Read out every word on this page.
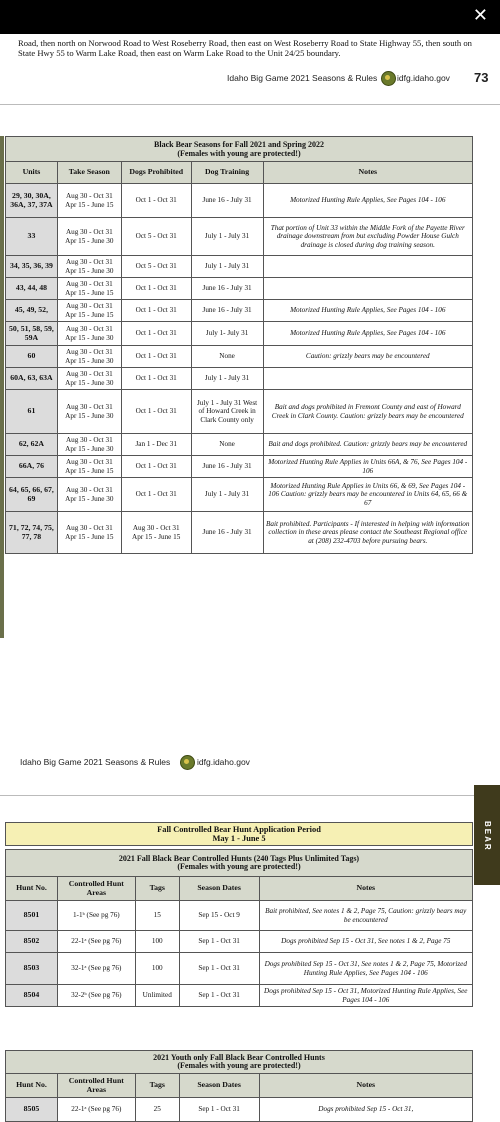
✕
Road, then north on Norwood Road to West Roseberry Road, then east on West Roseberry Road to State Highway 55, then south on State Hwy 55 to Warm Lake Road, then east on Warm Lake Road to the Unit 24/25 boundary.
Idaho Big Game 2021 Seasons & Rules idfg.idaho.gov 73
Black Bear Seasons for Fall 2021 and Spring 2022
(Females with young are protected!)				

Units	Take Season	Dogs Prohibited	Dog Training	Notes
29, 30, 30A, 36A, 37, 37A	Aug 30 - Oct 31
Apr 15 - June 15	Oct 1 - Oct 31	June 16 - July 31	Motorized Hunting Rule Applies, See Pages 104 - 106
33	Aug 30 - Oct 31
Apr 15 - June 30	Oct 5 - Oct 31	July 1 - July 31	That portion of Unit 33 within the Middle Fork of the Payette River drainage downstream from but excluding Powder House Gulch drainage is closed during dog training season.
34, 35, 36, 39	Aug 30 - Oct 31
Apr 15 - June 30	Oct 5 - Oct 31	July 1 - July 31	
43, 44, 48	Aug 30 - Oct 31
Apr 15 - June 15	Oct 1 - Oct 31	June 16 - July 31	
45, 49, 52,	Aug 30 - Oct 31
Apr 15 - June 15	Oct 1 - Oct 31	June 16 - July 31	Motorized Hunting Rule Applies, See Pages 104 - 106
50, 51, 58, 59, 59A	Aug 30 - Oct 31
Apr 15 - June 30	Oct 1 - Oct 31	July 1- July 31	Motorized Hunting Rule Applies, See Pages 104 - 106
60	Aug 30 - Oct 31
Apr 15 - June 30	Oct 1 - Oct 31	None	Caution: grizzly bears may be encountered
60A, 63, 63A	Aug 30 - Oct 31
Apr 15 - June 30	Oct 1 - Oct 31	July 1 - July 31	
61	Aug 30 - Oct 31
Apr 15 - June 30	Oct 1 - Oct 31	July 1 - July 31 West of Howard Creek in Clark County only	Bait and dogs prohibited in Fremont County and east of Howard Creek in Clark County. Caution: grizzly bears may be encountered
62, 62A	Aug 30 - Oct 31
Apr 15 - June 30	Jan 1 - Dec 31	None	Bait and dogs prohibited. Caution: grizzly bears may be encountered
66A, 76	Aug 30 - Oct 31
Apr 15 - June 15	Oct 1 - Oct 31	June 16 - July 31	Motorized Hunting Rule Applies in Units 66A, & 76, See Pages 104 - 106
64, 65, 66, 67, 69	Aug 30 - Oct 31
Apr 15 - June 30	Oct 1 - Oct 31	July 1 - July 31	Motorized Hunting Rule Applies in Units 66, & 69, See Pages 104 - 106 Caution: grizzly bears may be encountered in Units 64, 65, 66 & 67
71, 72, 74, 75, 77, 78	Aug 30 - Oct 31
Apr 15 - June 15	Aug 30 - Oct 31
Apr 15 - June 15	June 16 - July 31	Bait prohibited. Participants - If interested in helping with information collection in these areas please contact the Southeast Regional office at (208) 232-4703 before pursuing bears.
Idaho Big Game 2021 Seasons & Rules	idfg.idaho.gov
BEAR
Fall Controlled Bear Hunt Application Period
May 1 - June 5				

2021 Fall Black Bear Controlled Hunts (240 Tags Plus Unlimited Tags)
(Females with young are protected!)				

Hunt No.	Controlled Hunt Areas	Tags	Season Dates	Notes
8501	1-1ᵇ (See pg 76)	15	Sep 15 - Oct 9	Bait prohibited, See notes 1 & 2, Page 75, Caution: grizzly bears may be encountered
8502	22-1ᵃ (See pg 76)	100	Sep 1 - Oct 31	Dogs prohibited Sep 15 - Oct 31, See notes 1 & 2, Page 75
8503	32-1ᵃ (See pg 76)	100	Sep 1 - Oct 31	Dogs prohibited Sep 15 - Oct 31, See notes 1 & 2, Page 75, Motorized Hunting Rule Applies, See Pages 104 - 106
8504	32-2ᵇ (See pg 76)	Unlimited	Sep 1 - Oct 31	Dogs prohibited Sep 15 - Oct 31, Motorized Hunting Rule Applies, See Pages 104 - 106
2021 Youth only Fall Black Bear Controlled Hunts
(Females with young are protected!)				

Hunt No.	Controlled Hunt Areas	Tags	Season Dates	Notes
8505	22-1ᵃ (See pg 76)	25	Sep 1 - Oct 31	Dogs prohibited Sep 15 - Oct 31,
